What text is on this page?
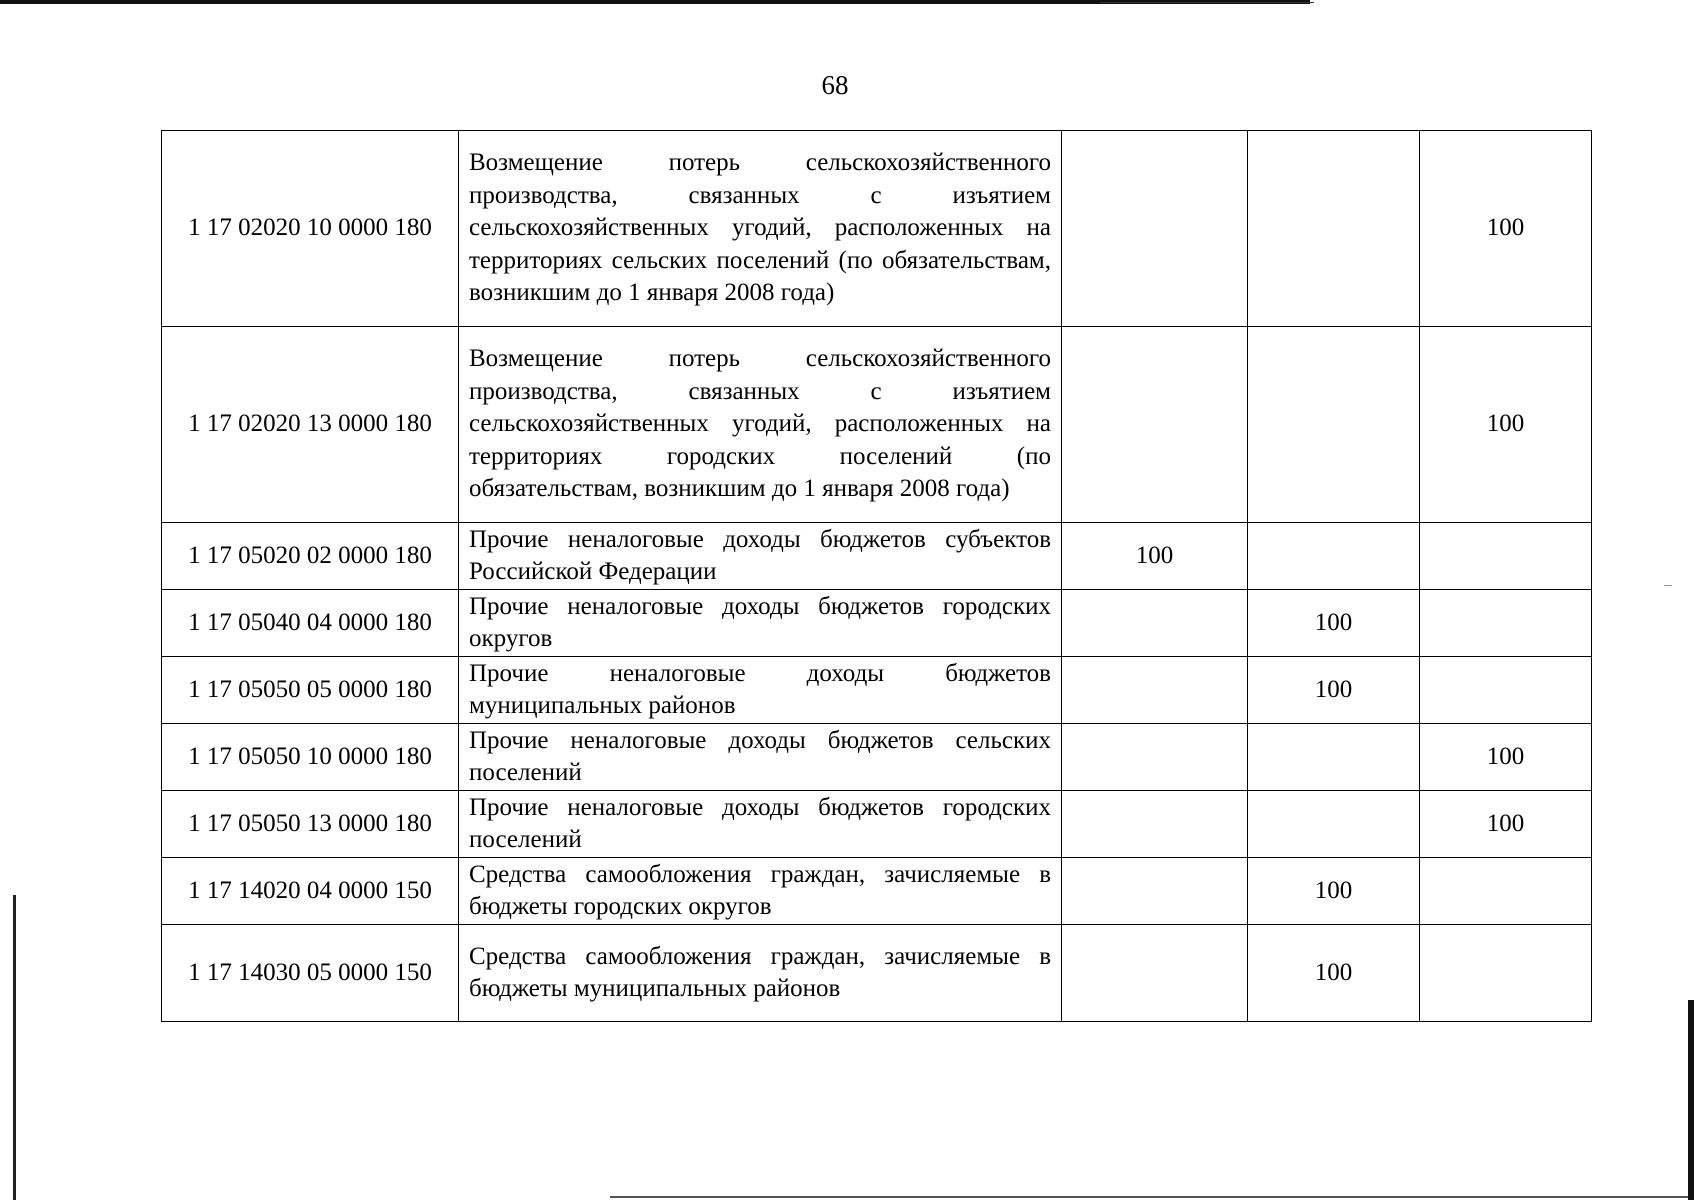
68
1 17 02020 10 0000 180	Возмещение потерь сельскохозяйственного производства, связанных с изъятием сельскохозяйственных угодий, расположенных на территориях сельских поселений (по обязательствам, возникшим до 1 января 2008 года)			100
1 17 02020 13 0000 180	Возмещение потерь сельскохозяйственного производства, связанных с изъятием сельскохозяйственных угодий, расположенных на территориях городских поселений (по обязательствам, возникшим до 1 января 2008 года)			100
1 17 05020 02 0000 180	Прочие неналоговые доходы бюджетов субъектов Российской Федерации	100		
1 17 05040 04 0000 180	Прочие неналоговые доходы бюджетов городских округов		100	
1 17 05050 05 0000 180	Прочие неналоговые доходы бюджетов муниципальных районов		100	
1 17 05050 10 0000 180	Прочие неналоговые доходы бюджетов сельских поселений			100
1 17 05050 13 0000 180	Прочие неналоговые доходы бюджетов городских поселений			100
1 17 14020 04 0000 150	Средства самообложения граждан, зачисляемые в бюджеты городских округов		100	
1 17 14030 05 0000 150	Средства самообложения граждан, зачисляемые в бюджеты муниципальных районов		100	
